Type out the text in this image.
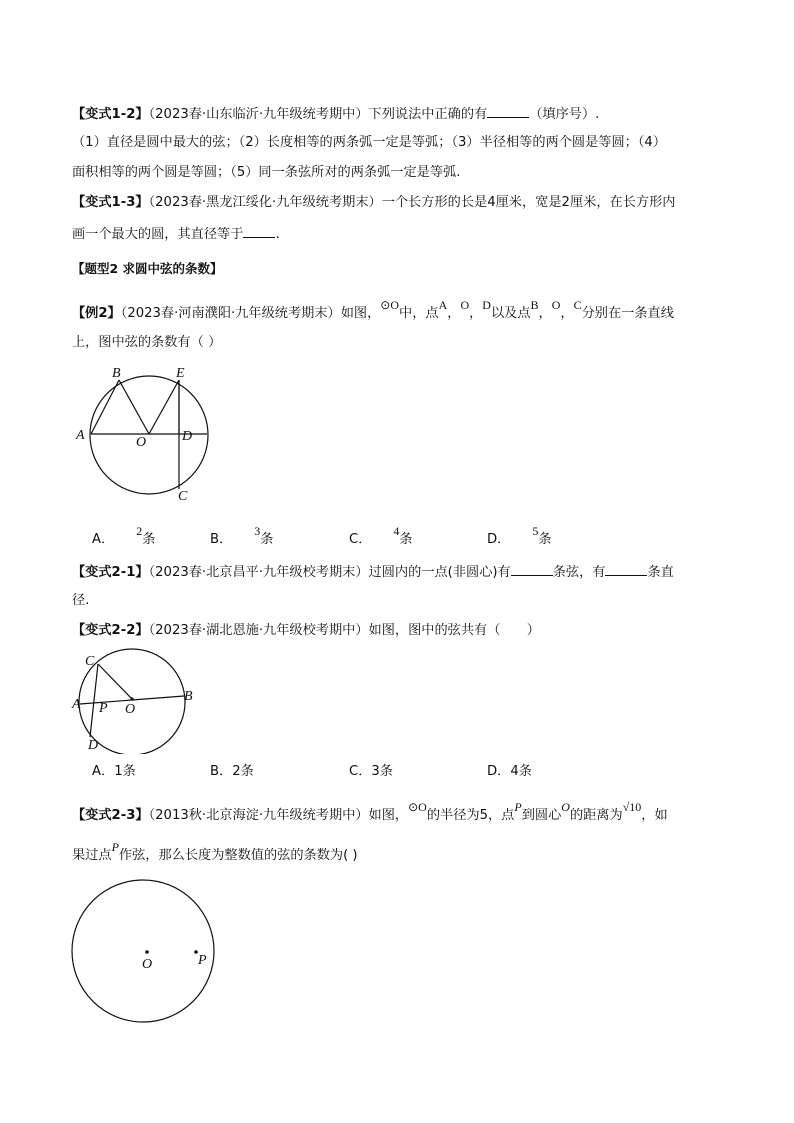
【变式1-2】（2023春·山东临沂·九年级统考期中）下列说法中正确的有	（填序号）.
（1）直径是圆中最大的弦；（2）长度相等的两条弧一定是等弧；（3）半径相等的两个圆是等圆；（4）
面积相等的两个圆是等圆；（5）同一条弦所对的两条弧一定是等弧.
【变式1-3】（2023春·黑龙江绥化·九年级统考期末）一个长方形的长是4厘米，宽是2厘米，在长方形内
画一个最大的圆，其直径等于 .
【题型2 求圆中弦的条数】
【例2】（2023春·河南濮阳·九年级统考期末）如图，⊙O中，点A，O，D以及点B，O，C分别在一条直线
上，图中弦的条数有（ ）
B	E
A	O	D
C
A．2条	B．3条	C．4条	D．5条
【变式2-1】（2023春·北京昌平·九年级校考期末）过圆内的一点(非圆心)有	条弦，有	条直
径.
【变式2-2】（2023春·湖北恩施·九年级校考期中）如图，图中的弦共有（　　）
C
A P O
B
D
A．1条	B．2条	C．3条	D．4条
【变式2-3】（2013秋·北京海淀·九年级统考期中）如图，⊙O的半径为5，点P到圆心O的距离为√10，如
果过点P作弦，那么长度为整数值的弦的条数为( )
O	P
